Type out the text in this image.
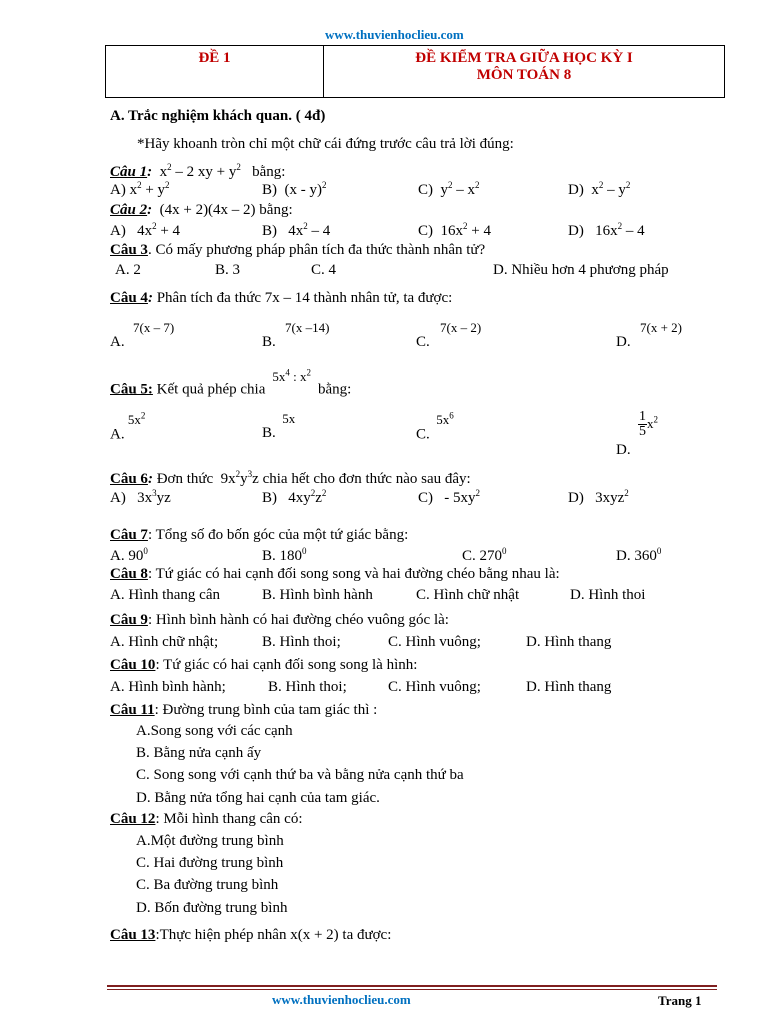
www.thuvienhoclieu.com
ĐỀ 1	ĐỀ KIỂM TRA GIỮA HỌC KỲ I
MÔN TOÁN 8
A. Trắc nghiệm khách quan. ( 4đ)
*Hãy khoanh tròn chỉ một chữ cái đứng trước câu trả lời đúng:
Câu 1:  $x^2 - 2$ xy + $y^2$ bằng:
A) $x^2 + y^2$	B)  (x - y)$^2$	C)  $y^2 - x^2$	D)  $x^2 - y^2$
Câu 2: (4x + 2)(4x – 2) bằng:
A)   $4x^2 + 4$	B)   $4x^2 - 4$	C)  $16x^2 + 4$	D)   $16x^2 - 4$
Câu 3. Có mấy phương pháp phân tích đa thức thành nhân tử?
A. 2	B. 3	C. 4	D. Nhiều hơn 4 phương pháp
Câu 4: Phân tích đa thức 7x – 14 thành nhân tử, ta được:
A.
7(x – 7)
B.
7(x –14)
C.
7(x – 2)
D.
7(x + 2)
Câu 5: Kết quả phép chia  $5x^4$ : $x^2$  bằng:
A. $5x^2$
B.  5x
C.  $5x^6$	$\frac{1}{5} x^2$
D.
Câu 6: Đơn thức  $9x^2y^3z$ chia hết cho đơn thức nào sau đây:
A)   $3x^3yz$	B)   $4xy^2z^2$	$C) - 5xy^2$	D)   3xyz$^2$
Câu 7: Tổng số đo bốn góc của một tứ giác bằng:
A. $90^0$	B. $180^0$	C. $270^0$	D. $360^0$
Câu 8: Tứ giác có hai cạnh đối song song và hai đường chéo bằng nhau là:
A. Hình thang cân	B. Hình bình hành	C. Hình chữ nhật	D. Hình thoi
Câu 9: Hình bình hành có hai đường chéo vuông góc là:
A. Hình chữ nhật;	B. Hình thoi;	C. Hình vuông;	D. Hình thang
Câu 10: Tứ giác có hai cạnh đối song song là hình:
A. Hình bình hành;	B. Hình thoi;	C. Hình vuông;	D. Hình thang
Câu 11: Đường trung bình của tam giác thì :
A.Song song với các cạnh
B. Bằng nửa cạnh ấy
C. Song song với cạnh thứ ba và bằng nửa cạnh thứ ba
D. Bằng nửa tổng hai cạnh của tam giác.
Câu 12: Mỗi hình thang cân có:
A.Một đường trung bình
C. Hai đường trung bình
C. Ba đường trung bình
D. Bốn đường trung bình
Câu 13:Thực hiện phép nhân x(x + 2) ta được:
www.thuvienhoclieu.com	Trang 1
